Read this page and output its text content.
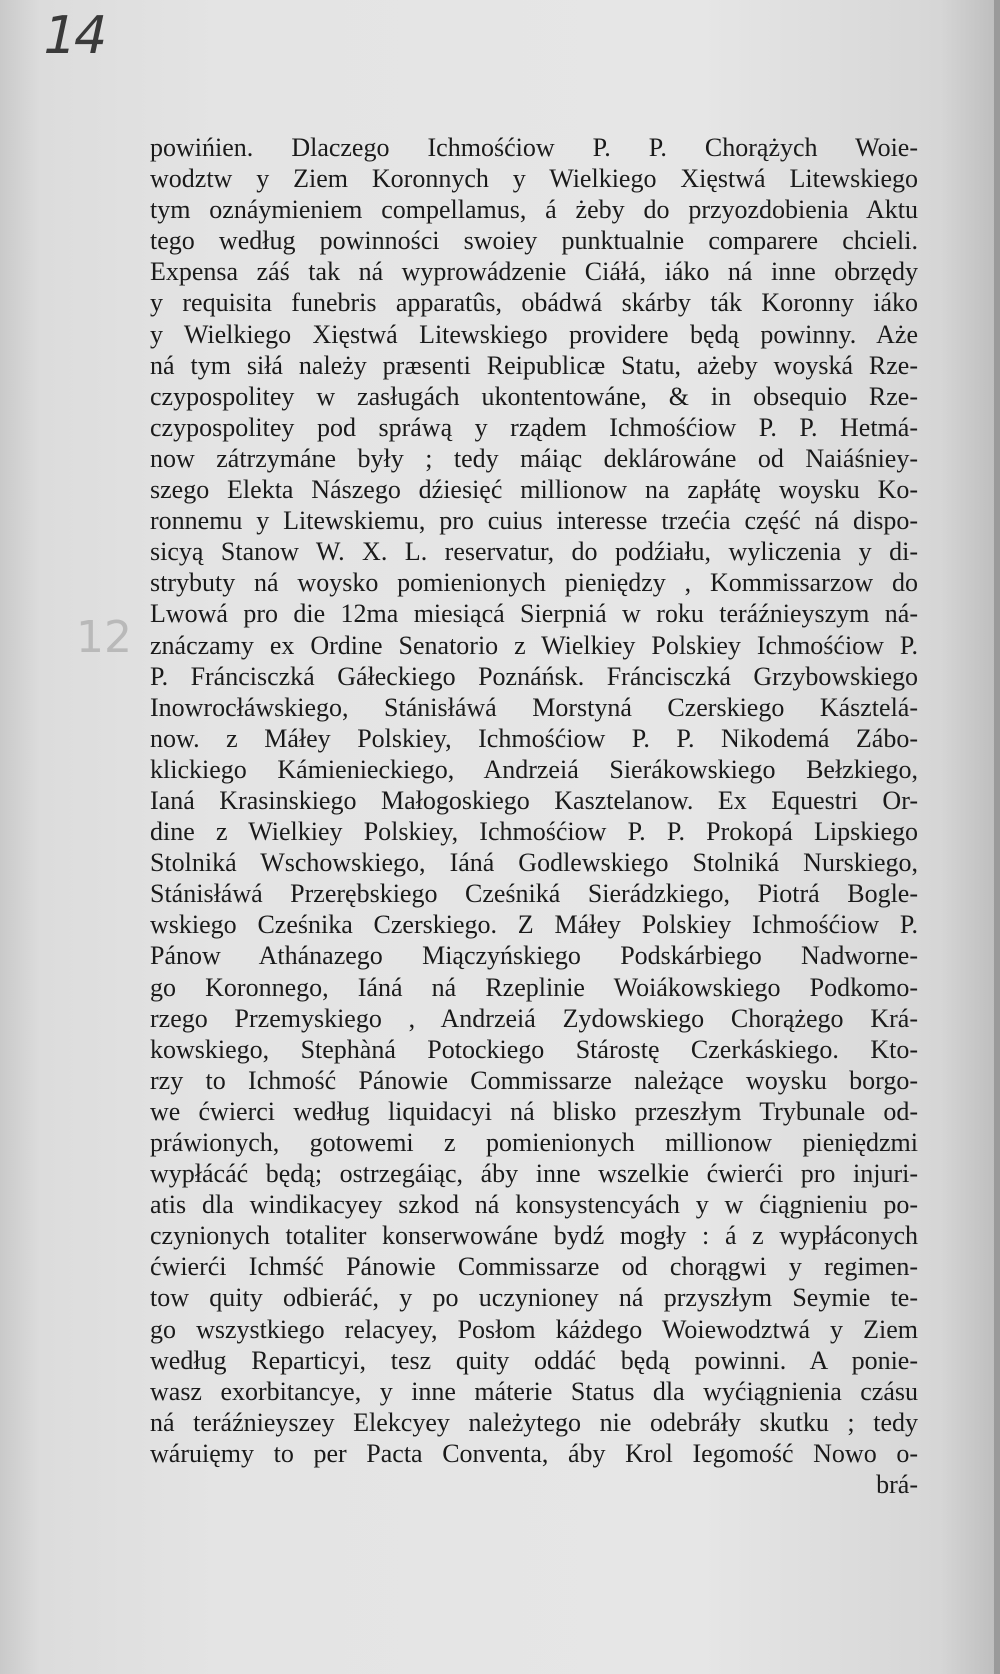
14
12
powińien. Dlaczego Ichmośćiow P. P. Chorążych Woie-
wodztw y Ziem Koronnych y Wielkiego Xięstwá Litewskiego
tym oznáymieniem compellamus, á żeby do przyozdobienia Aktu
tego według powinności swoiey punktualnie comparere chcieli.
Expensa záś tak ná wyprowádzenie Ciáłá, iáko ná inne obrzędy
y requisita funebris apparatûs, obádwá skárby ták Koronny iáko
y Wielkiego Xięstwá Litewskiego providere będą powinny. Aże
ná tym siłá należy præsenti Reipublicæ Statu, ażeby woyská Rze-
czypospolitey w zasługách ukontentowáne, & in obsequio Rze-
czypospolitey pod spráwą y rządem Ichmośćiow P. P. Hetmá-
now zátrzymáne były ; tedy máiąc deklárowáne od Naiáśniey-
szego Elekta Nászego dźiesięć millionow na zapłátę woysku Ko-
ronnemu y Litewskiemu, pro cuius interesse trzećia część ná dispo-
sicyą Stanow W. X. L. reservatur, do podźiału, wyliczenia y di-
strybuty ná woysko pomienionych pieniędzy , Kommissarzow do
Lwowá pro die 12ma miesiącá Sierpniá w roku teráźnieyszym ná-
znáczamy ex Ordine Senatorio z Wielkiey Polskiey Ichmośćiow P.
P. Fráncisczká Gáłeckiego Poznáńsk. Fráncisczká Grzybowskiego
Inowrocłáwskiego, Stánisłáwá Morstyná Czerskiego Kásztelá-
now. z Máłey Polskiey, Ichmośćiow P. P. Nikodemá Zábo-
klickiego Kámienieckiego, Andrzeiá Sierákowskiego Bełzkiego,
Ianá Krasinskiego Małogoskiego Kasztelanow. Ex Equestri Or-
dine z Wielkiey Polskiey, Ichmośćiow P. P. Prokopá Lipskiego
Stolniká Wschowskiego, Iáná Godlewskiego Stolniká Nurskiego,
Stánisłáwá Przerębskiego Cześniká Sierádzkiego, Piotrá Bogle-
wskiego Cześnika Czerskiego. Z Máłey Polskiey Ichmośćiow P.
Pánow Athánazego Miączyńskiego Podskárbiego Nadworne-
go Koronnego, Iáná ná Rzeplinie Woiákowskiego Podkomo-
rzego Przemyskiego , Andrzeiá Zydowskiego Chorążego Krá-
kowskiego, Stephàná Potockiego Stárostę Czerkáskiego. Kto-
rzy to Ichmość Pánowie Commissarze należące woysku borgo-
we ćwierci według liquidacyi ná blisko przeszłym Trybunale od-
práwionych, gotowemi z pomienionych millionow pieniędzmi
wypłácáć będą; ostrzegáiąc, áby inne wszelkie ćwierći pro injuri-
atis dla windikacyey szkod ná konsystencyách y w ćiągnieniu po-
czynionych totaliter konserwowáne bydź mogły : á z wypłáconych
ćwierći Ichmść Pánowie Commissarze od chorągwi y regimen-
tow quity odbieráć, y po uczynioney ná przyszłym Seymie te-
go wszystkiego relacyey, Posłom káżdego Woiewodztwá y Ziem
według Reparticyi, tesz quity oddáć będą powinni. A ponie-
wasz exorbitancye, y inne máterie Status dla wyćiągnienia czásu
ná teráźnieyszey Elekcyey należytego nie odebráły skutku ; tedy
wáruięmy to per Pacta Conventa, áby Krol Iegomość Nowo o-
brá-
